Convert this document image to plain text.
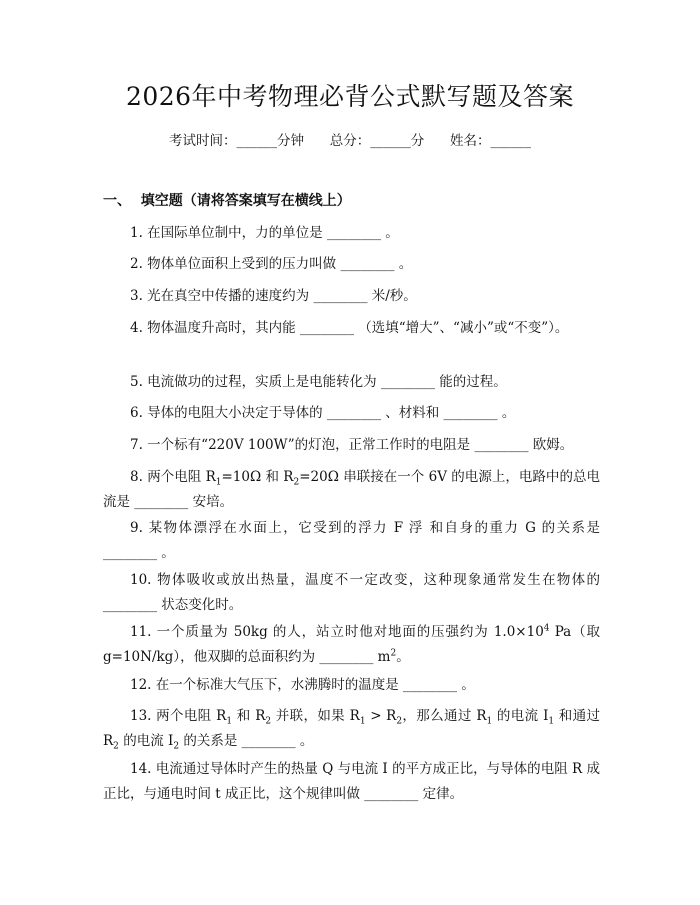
2026年中考物理必背公式默写题及答案
考试时间：______分钟      总分：______分      姓名：______
一、  填空题（请将答案填写在横线上）
1. 在国际单位制中，力的单位是 ________ 。
2. 物体单位面积上受到的压力叫做 ________ 。
3. 光在真空中传播的速度约为 ________ 米/秒。
4. 物体温度升高时，其内能 ________ （选填“增大”、“减小”或“不变”）。
5. 电流做功的过程，实质上是电能转化为 ________ 能的过程。
6. 导体的电阻大小决定于导体的 ________ 、材料和 ________ 。
7. 一个标有“220V 100W”的灯泡，正常工作时的电阻是 ________ 欧姆。
8. 两个电阻 $R_1=10\Omega$ 和 $R_2=20\Omega$ 串联接在一个 6V 的电源上，电路中的总电流是 ________ 安培。
9. 某物体漂浮在水面上，它受到的浮力 F 浮 和自身的重力 G 的关系是 ________ 。
10. 物体吸收或放出热量，温度不一定改变，这种现象通常发生在物体的 ________ 状态变化时。
11. 一个质量为 50kg 的人，站立时他对地面的压强约为 $1.0\times 10^4$ Pa（取 g=10N/kg），他双脚的总面积约为 ________ $m^2$。
12. 在一个标准大气压下，水沸腾时的温度是 ________ 。
13. 两个电阻 $R_1$ 和 $R_2$ 并联，如果 $R_1 > R_2$，那么通过 $R_1$ 的电流 $I_1$ 和通过 $R_2$ 的电流 $I_2$ 的关系是 ________ 。
14. 电流通过导体时产生的热量 Q 与电流 I 的平方成正比，与导体的电阻 R 成正比，与通电时间 t 成正比，这个规律叫做 ________ 定律。
